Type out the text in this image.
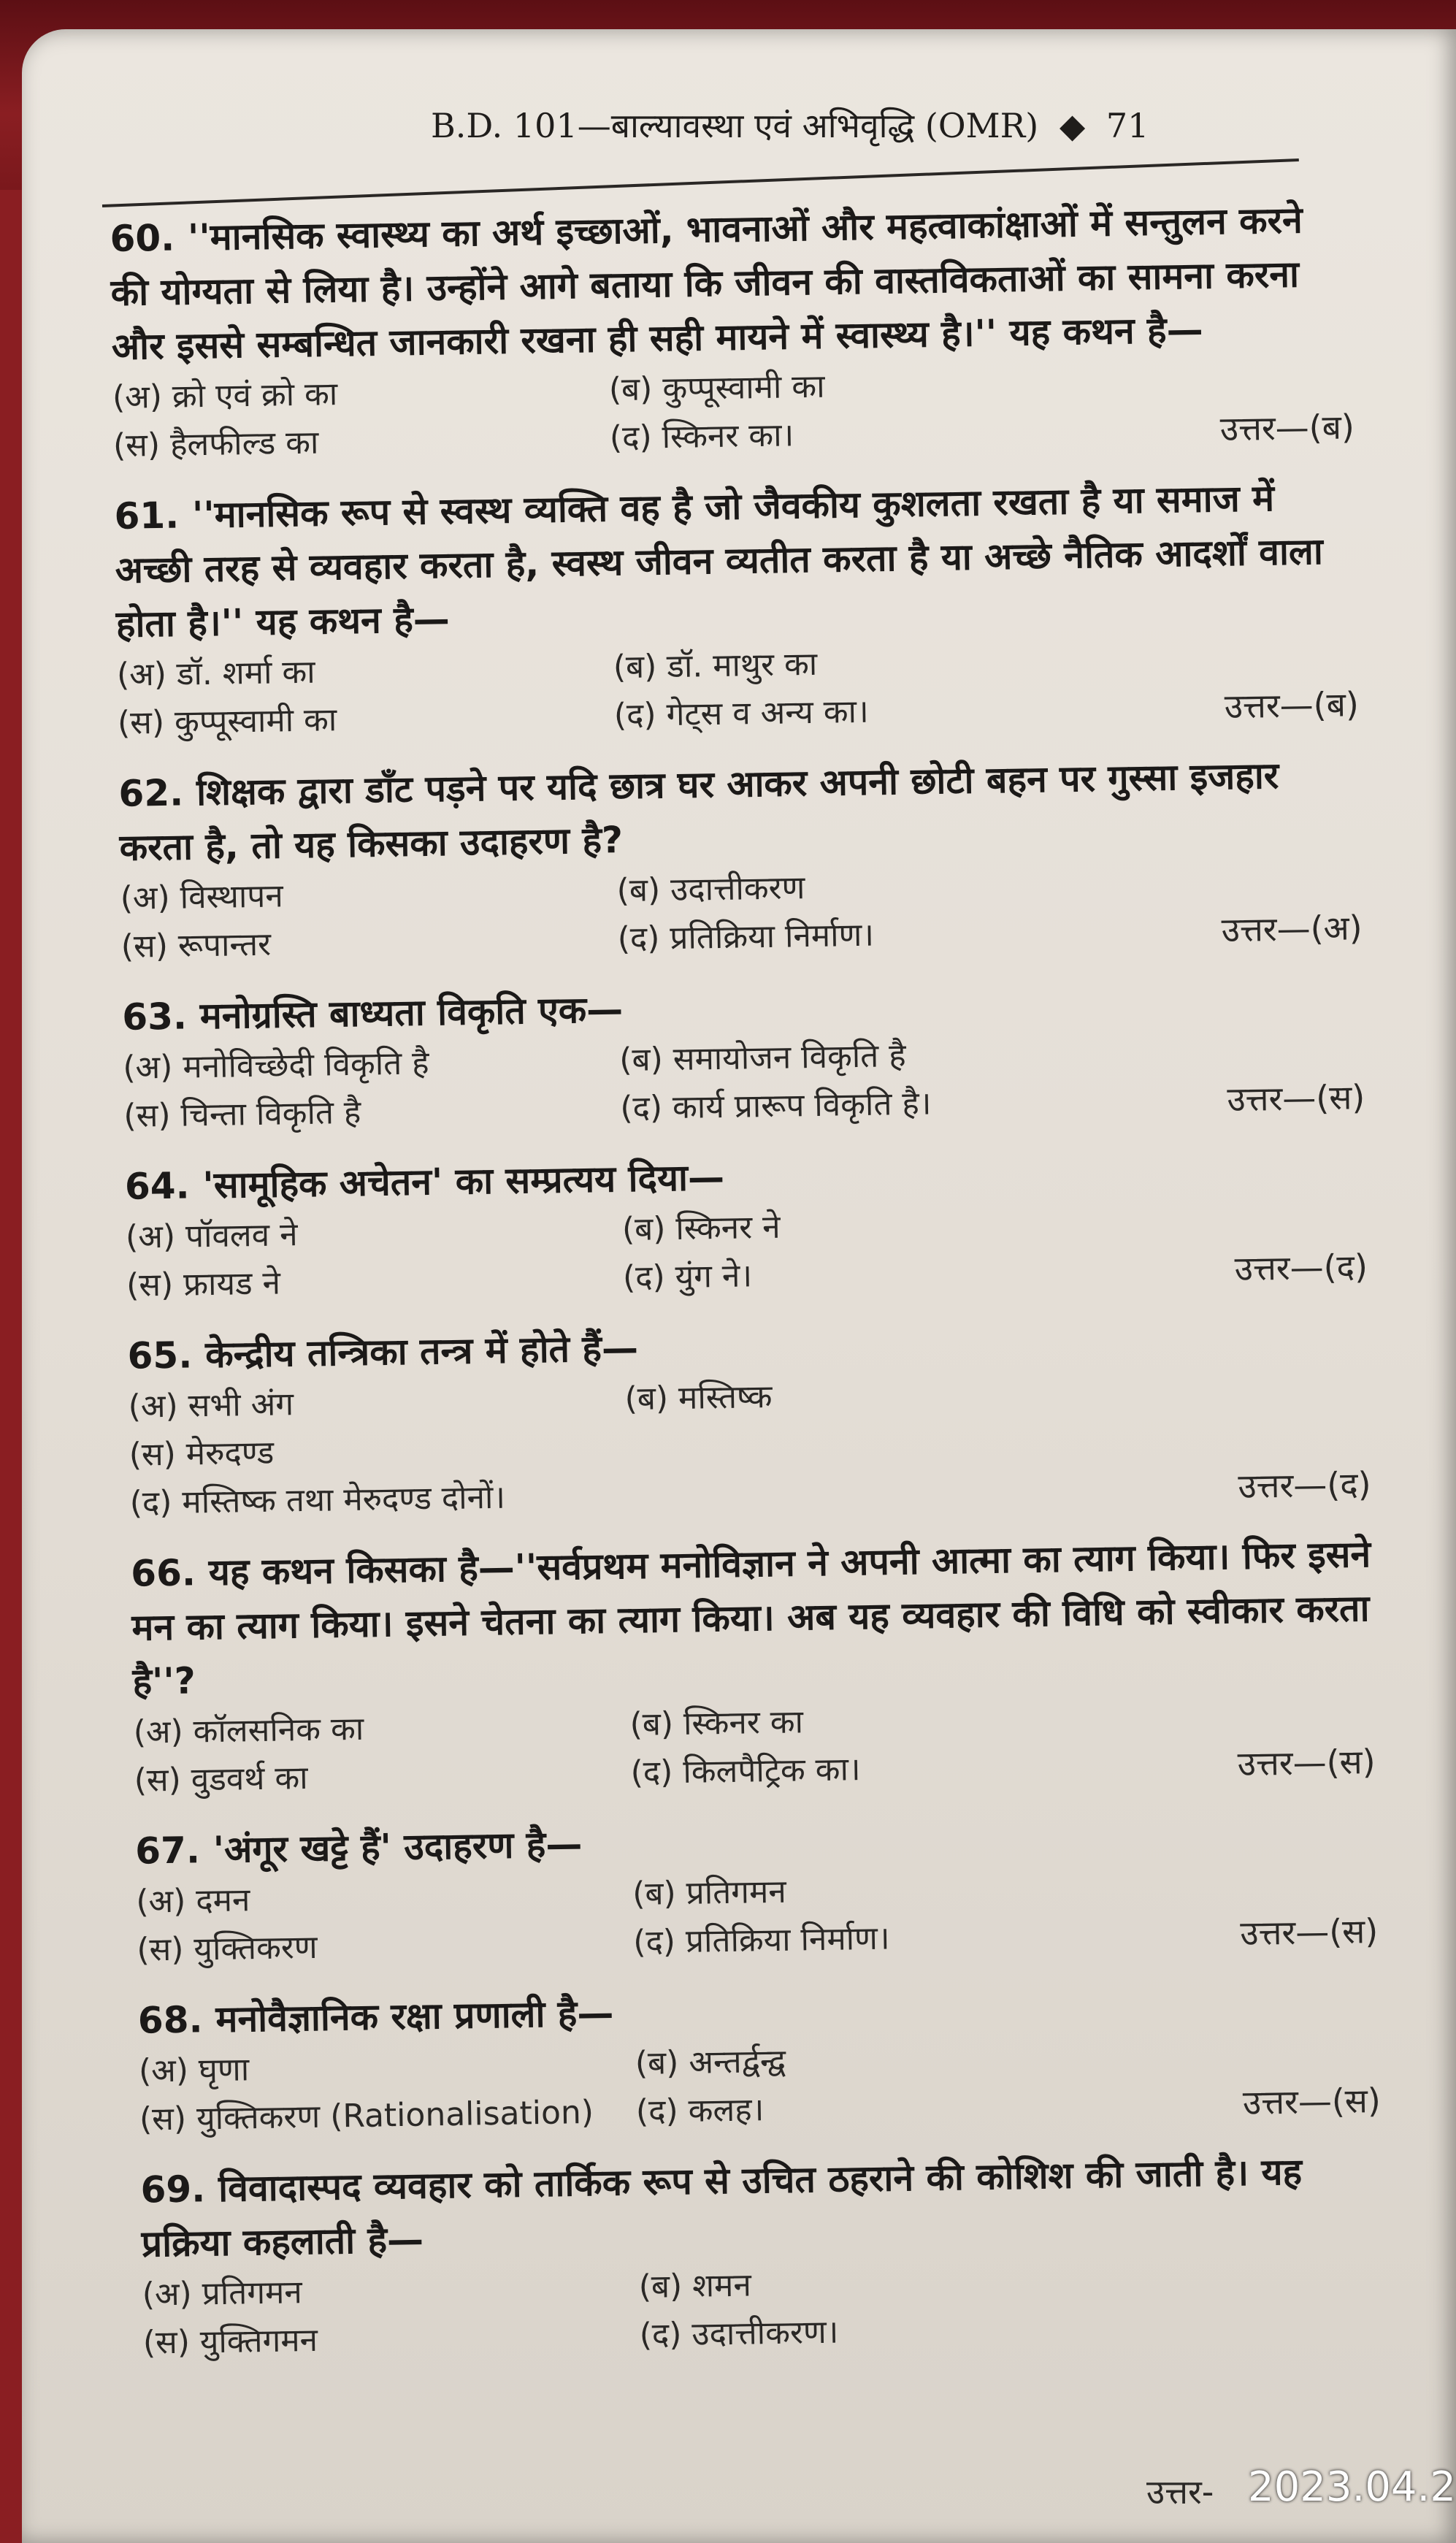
B.D. 101—बाल्यावस्था एवं अभिवृद्धि (OMR) ◆ 71
60. ''मानसिक स्वास्थ्य का अर्थ इच्छाओं, भावनाओं और महत्वाकांक्षाओं में सन्तुलन करने की योग्यता से लिया है। उन्होंने आगे बताया कि जीवन की वास्तविकताओं का सामना करना और इससे सम्बन्धित जानकारी रखना ही सही मायने में स्वास्थ्य है।'' यह कथन है—
(अ) क्रो एवं क्रो का	(ब) कुप्पूस्वामी का
(स) हैलफील्ड का	(द) स्किनर का।	उत्तर—(ब)
61. ''मानसिक रूप से स्वस्थ व्यक्ति वह है जो जैवकीय कुशलता रखता है या समाज में अच्छी तरह से व्यवहार करता है, स्वस्थ जीवन व्यतीत करता है या अच्छे नैतिक आदर्शों वाला होता है।'' यह कथन है—
(अ) डॉ. शर्मा का	(ब) डॉ. माथुर का
(स) कुप्पूस्वामी का	(द) गेट्स व अन्य का।	उत्तर—(ब)
62. शिक्षक द्वारा डाँट पड़ने पर यदि छात्र घर आकर अपनी छोटी बहन पर गुस्सा इजहार करता है, तो यह किसका उदाहरण है?
(अ) विस्थापन	(ब) उदात्तीकरण
(स) रूपान्तर	(द) प्रतिक्रिया निर्माण।	उत्तर—(अ)
63. मनोग्रस्ति बाध्यता विकृति एक—
(अ) मनोविच्छेदी विकृति है	(ब) समायोजन विकृति है
(स) चिन्ता विकृति है	(द) कार्य प्रारूप विकृति है।	उत्तर—(स)
64. 'सामूहिक अचेतन' का सम्प्रत्यय दिया—
(अ) पॉवलव ने	(ब) स्किनर ने
(स) फ्रायड ने	(द) युंग ने।	उत्तर—(द)
65. केन्द्रीय तन्त्रिका तन्त्र में होते हैं—
(अ) सभी अंग	(ब) मस्तिष्क
(स) मेरुदण्ड
(द) मस्तिष्क तथा मेरुदण्ड दोनों।	उत्तर—(द)
66. यह कथन किसका है—''सर्वप्रथम मनोविज्ञान ने अपनी आत्मा का त्याग किया। फिर इसने मन का त्याग किया। इसने चेतना का त्याग किया। अब यह व्यवहार की विधि को स्वीकार करता है''?
(अ) कॉलसनिक का	(ब) स्किनर का
(स) वुडवर्थ का	(द) किलपैट्रिक का।	उत्तर—(स)
67. 'अंगूर खट्टे हैं' उदाहरण है—
(अ) दमन	(ब) प्रतिगमन
(स) युक्तिकरण	(द) प्रतिक्रिया निर्माण।	उत्तर—(स)
68. मनोवैज्ञानिक रक्षा प्रणाली है—
(अ) घृणा	(ब) अन्तर्द्वन्द्व
(स) युक्तिकरण (Rationalisation)	(द) कलह।	उत्तर—(स)
69. विवादास्पद व्यवहार को तार्किक रूप से उचित ठहराने की कोशिश की जाती है। यह प्रक्रिया कहलाती है—
(अ) प्रतिगमन	(ब) शमन
(स) युक्तिगमन	(द) उदात्तीकरण।
उत्तर- 2023.04.2
